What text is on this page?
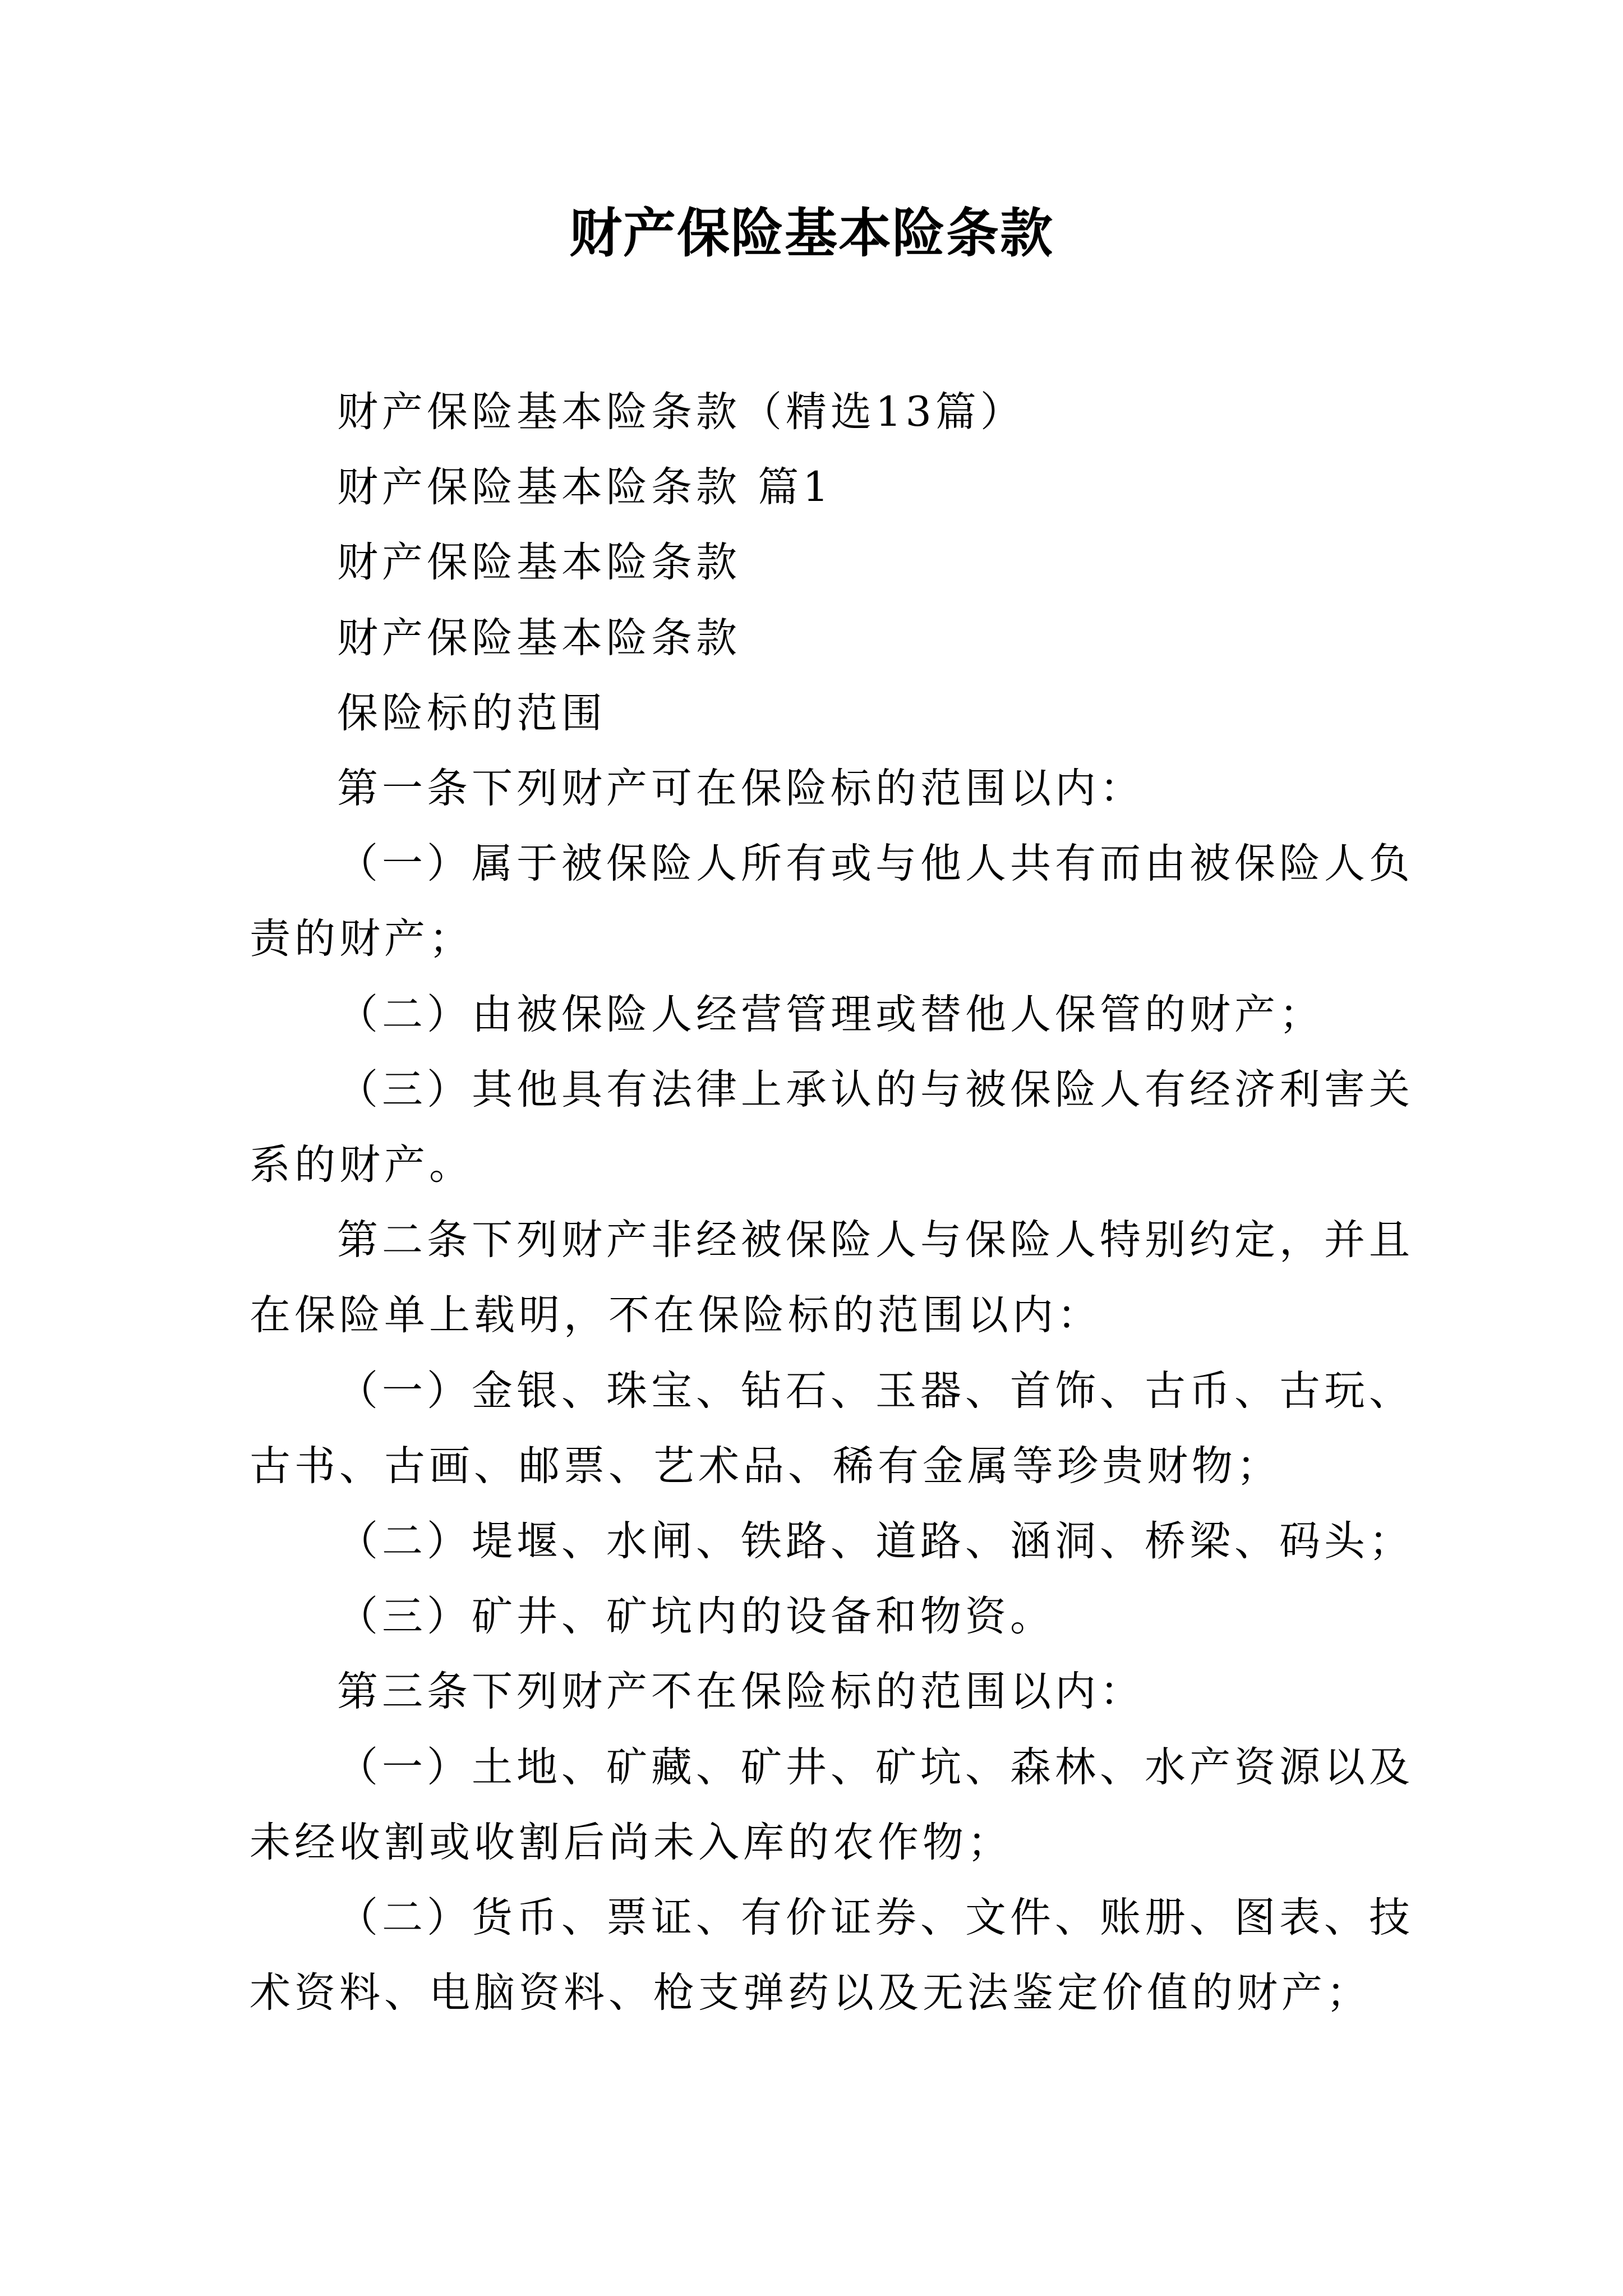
财产保险基本险条款

财产保险基本险条款（精选13篇）

财产保险基本险条款 篇1

财产保险基本险条款

财产保险基本险条款

保险标的范围

第一条下列财产可在保险标的范围以内：

（一）属于被保险人所有或与他人共有而由被保险人负
责的财产；

（二）由被保险人经营管理或替他人保管的财产；

（三）其他具有法律上承认的与被保险人有经济利害关
系的财产。

第二条下列财产非经被保险人与保险人特别约定，并且
在保险单上载明，不在保险标的范围以内：

（一）金银、珠宝、钻石、玉器、首饰、古币、古玩、
古书、古画、邮票、艺术品、稀有金属等珍贵财物；

（二）堤堰、水闸、铁路、道路、涵洞、桥梁、码头；

（三）矿井、矿坑内的设备和物资。

第三条下列财产不在保险标的范围以内：

（一）土地、矿藏、矿井、矿坑、森林、水产资源以及
未经收割或收割后尚未入库的农作物；

（二）货币、票证、有价证券、文件、账册、图表、技
术资料、电脑资料、枪支弹药以及无法鉴定价值的财产；
